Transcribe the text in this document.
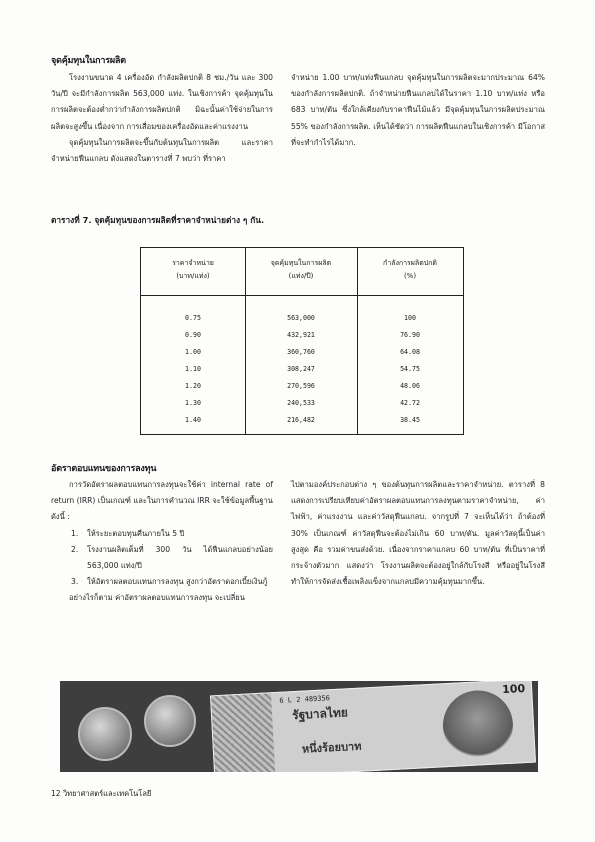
จุดคุ้มทุนในการผลิต

โรงงานขนาด 4 เครื่องอัด กำลังผลิตปกติ 8 ชม./วัน และ 300 วัน/ปี จะมีกำลังการผลิต 563,000 แท่ง. ในเชิงการค้า จุดคุ้มทุนในการผลิตจะต้องต่ำกว่ากำลังการผลิตปกติ มิฉะนั้นค่าใช้จ่ายในการผลิตจะสูงขึ้น เนื่องจาก การเสื่อมของเครื่องอัดและค่าแรงงาน

จุดคุ้มทุนในการผลิตจะขึ้นกับต้นทุนในการผลิต และราคาจำหน่ายฟืนแกลบ ดังแสดงในตารางที่ 7 พบว่า ที่ราคา

จำหน่าย 1.00 บาท/แท่งฟืนแกลบ จุดคุ้มทุนในการผลิตจะมากประมาณ 64% ของกำลังการผลิตปกติ. ถ้าจำหน่ายฟืนแกลบได้ในราคา 1.10 บาท/แท่ง หรือ 683 บาท/ตัน ซึ่งใกล้เคียงกับราคาฟืนไม้แล้ว มีจุดคุ้มทุนในการผลิตประมาณ 55% ของกำลังการผลิต. เห็นได้ชัดว่า การผลิตฟืนแกลบในเชิงการค้า มีโอกาสที่จะทำกำไรได้มาก.

ตารางที่ 7. จุดคุ้มทุนของการผลิตที่ราคาจำหน่ายต่าง ๆ กัน.
ราคาจำหน่าย
(บาท/แท่ง)
จุดคุ้มทุนในการผลิต
(แท่ง/ปี)
กำลังการผลิตปกติ
(%)
0.75	563,000	100
0.90	432,921	76.90
1.00	360,760	64.08
1.10	308,247	54.75
1.20	270,596	48.06
1.30	240,533	42.72
1.40	216,482	38.45
อัตราตอบแทนของการลงทุน

การวัดอัตราผลตอบแทนการลงทุนจะใช้ค่า internal rate of return (IRR) เป็นเกณฑ์ และในการคำนวณ IRR จะใช้ข้อมูลพื้นฐานดังนี้ :

1. ให้ระยะตอบทุนคืนภายใน 5 ปี
2. โรงงานผลิตเต็มที่ 300 วัน ได้ฟืนแกลบอย่างน้อย 563,000 แท่ง/ปี
3. ให้อัตราผลตอบแทนการลงทุน สูงกว่าอัตราดอกเบี้ยเงินกู้

อย่างไรก็ตาม ค่าอัตราผลตอบแทนการลงทุน จะเปลี่ยน

ไปตามองค์ประกอบต่าง ๆ ของต้นทุนการผลิตและราคาจำหน่าย. ตารางที่ 8 แสดงการเปรียบเทียบค่าอัตราผลตอบแทนการลงทุนตามราคาจำหน่าย, ค่าไฟฟ้า, ค่าแรงงาน และค่าวัสดุฟืนแกลบ. จากรูปที่ 7 จะเห็นได้ว่า ถ้าต้องที่ 30% เป็นเกณฑ์ ค่าวัสดุฟืนจะต้องไม่เกิน 60 บาท/ตัน. มูลค่าวัสดุนี้เป็นค่าสูงสุด คือ รวมค่าขนส่งด้วย. เนื่องจากราคาแกลบ 60 บาท/ตัน ที่เป็นราคาที่กระจ้างตัวมาก แสดงว่า โรงงานผลิตจะต้องอยู่ใกล้กับโรงสี หรืออยู่ในโรงสี ทำให้การจัดส่งเชื้อเพลิงแข็งจากแกลบมีความคุ้มทุนมากขึ้น.

6 L 2 489356
100
รัฐบาลไทย
หนึ่งร้อยบาท
12 วิทยาศาสตร์และเทคโนโลยี
